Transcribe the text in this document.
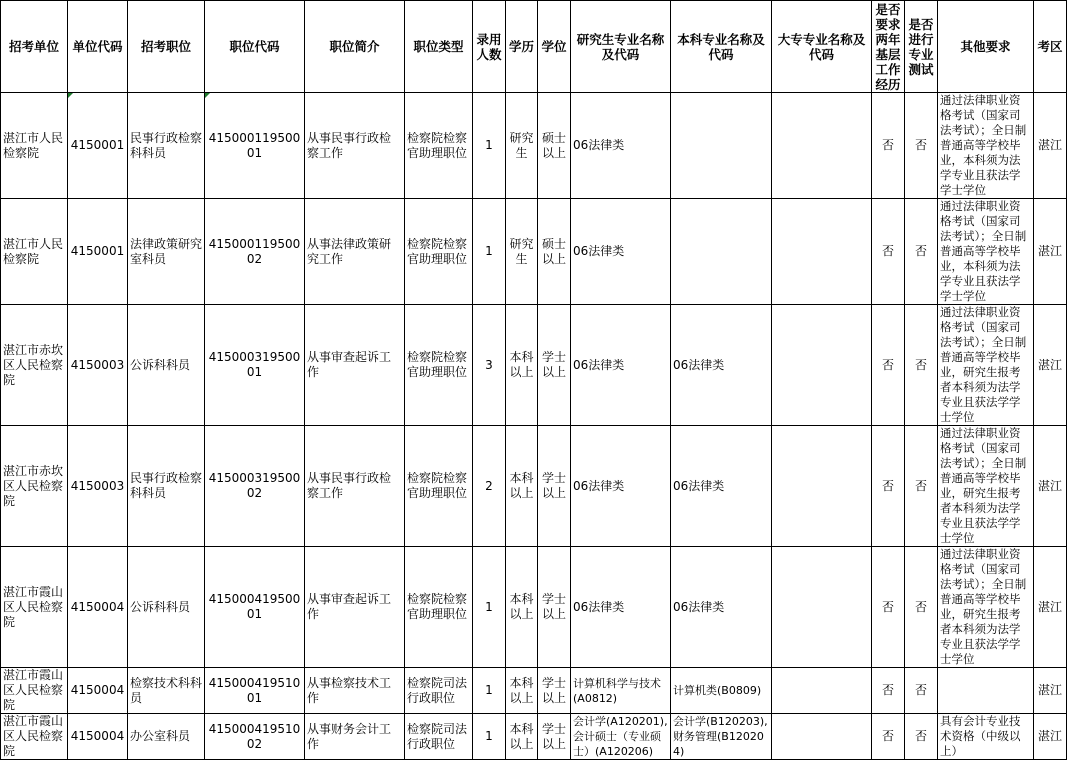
招考单位	单位代码	招考职位	职位代码	职位简介	职位类型	录用人数	学历	学位	研究生专业名称及代码	本科专业名称及代码	大专专业名称及代码	是否要求两年基层工作经历	是否进行专业测试	其他要求	考区
湛江市人民检察院	4150001	民事行政检察科科员	41500011950001	从事民事行政检察工作	检察院检察官助理职位	1	研究生	硕士以上	06法律类			否	否	通过法律职业资格考试（国家司法考试）；全日制普通高等学校毕业，本科须为法学专业且获法学学士学位	湛江
湛江市人民检察院	4150001	法律政策研究室科员	41500011950002	从事法律政策研究工作	检察院检察官助理职位	1	研究生	硕士以上	06法律类			否	否	通过法律职业资格考试（国家司法考试）；全日制普通高等学校毕业，本科须为法学专业且获法学学士学位	湛江
湛江市赤坎区人民检察院	4150003	公诉科科员	41500031950001	从事审查起诉工作	检察院检察官助理职位	3	本科以上	学士以上	06法律类	06法律类		否	否	通过法律职业资格考试（国家司法考试）；全日制普通高等学校毕业，研究生报考者本科须为法学专业且获法学学士学位	湛江
湛江市赤坎区人民检察院	4150003	民事行政检察科科员	41500031950002	从事民事行政检察工作	检察院检察官助理职位	2	本科以上	学士以上	06法律类	06法律类		否	否	通过法律职业资格考试（国家司法考试）；全日制普通高等学校毕业，研究生报考者本科须为法学专业且获法学学士学位	湛江
湛江市霞山区人民检察院	4150004	公诉科科员	41500041950001	从事审查起诉工作	检察院检察官助理职位	1	本科以上	学士以上	06法律类	06法律类		否	否	通过法律职业资格考试（国家司法考试）；全日制普通高等学校毕业，研究生报考者本科须为法学专业且获法学学士学位	湛江
湛江市霞山区人民检察院	4150004	检察技术科科员	41500041951001	从事检察技术工作	检察院司法行政职位	1	本科以上	学士以上	计算机科学与技术(A0812)	计算机类(B0809)		否	否		湛江
湛江市霞山区人民检察院	4150004	办公室科员	41500041951002	从事财务会计工作	检察院司法行政职位	1	本科以上	学士以上	会计学(A120201),会计硕士（专业硕士）(A120206)	会计学(B120203),财务管理(B120204)		否	否	具有会计专业技术资格（中级以上）	湛江
